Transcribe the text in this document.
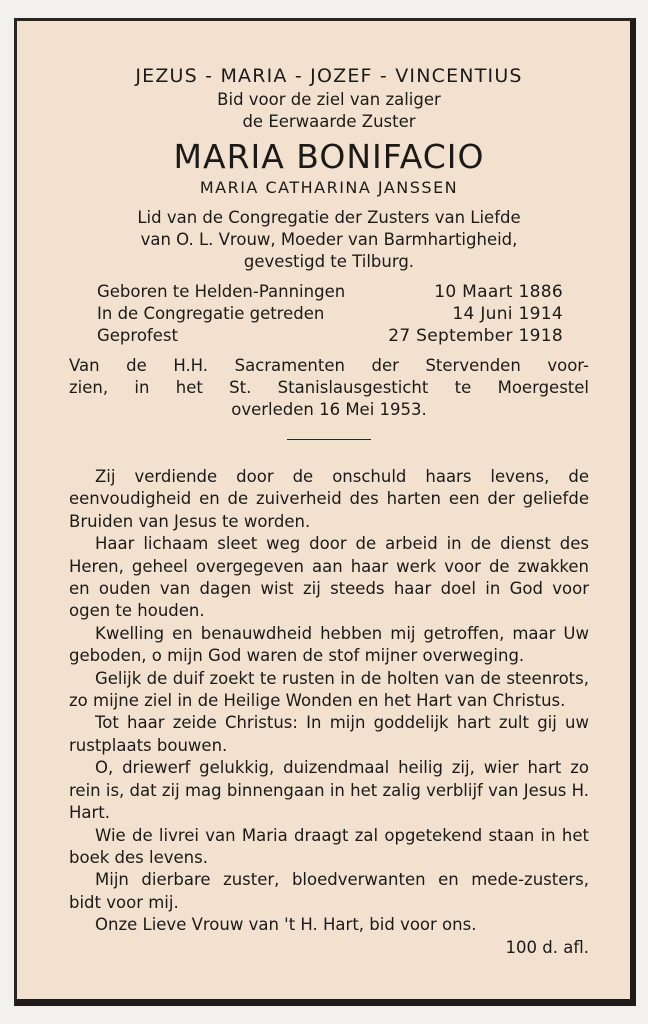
JEZUS - MARIA - JOZEF - VINCENTIUS

Bid voor de ziel van zaliger

de Eerwaarde Zuster

MARIA BONIFACIO

MARIA CATHARINA JANSSEN

Lid van de Congregatie der Zusters van Liefde
van O. L. Vrouw, Moeder van Barmhartigheid,
gevestigd te Tilburg.
Geboren te Helden-Panningen	10 Maart 1886
In de Congregatie getreden	14 Juni 1914
Geprofest	27 September 1918
Van de H.H. Sacramenten der Stervenden voor-
zien, in het St. Stanislausgesticht te Moergestel
overleden 16 Mei 1953.

Zij verdiende door de onschuld haars levens, de eenvoudigheid en de zuiverheid des harten een der geliefde Bruiden van Jesus te worden.

Haar lichaam sleet weg door de arbeid in de dienst des Heren, geheel overgegeven aan haar werk voor de zwakken en ouden van dagen wist zij steeds haar doel in God voor ogen te houden.

Kwelling en benauwdheid hebben mij getroffen, maar Uw geboden, o mijn God waren de stof mijner overweging.

Gelijk de duif zoekt te rusten in de holten van de steenrots, zo mijne ziel in de Heilige Wonden en het Hart van Christus.

Tot haar zeide Christus: In mijn goddelijk hart zult gij uw rustplaats bouwen.

O, driewerf gelukkig, duizendmaal heilig zij, wier hart zo rein is, dat zij mag binnengaan in het zalig verblijf van Jesus H. Hart.

Wie de livrei van Maria draagt zal opgetekend staan in het boek des levens.

Mijn dierbare zuster, bloedverwanten en mede-zusters, bidt voor mij.

Onze Lieve Vrouw van 't H. Hart, bid voor ons.

100 d. afl.
